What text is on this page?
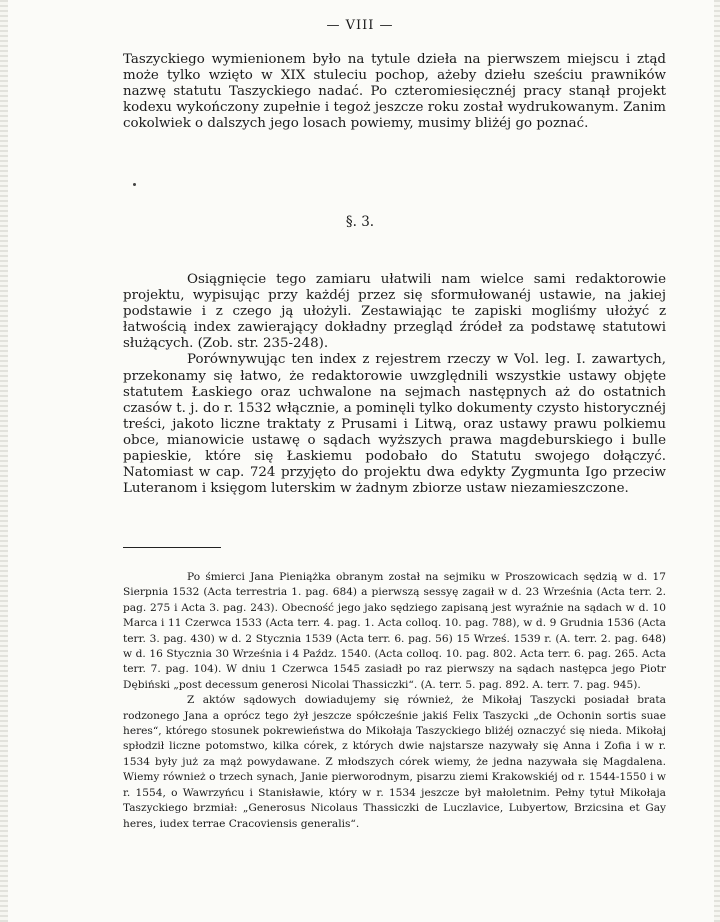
— VIII —

Taszyckiego wymienionem było na tytule dzieła na pierwszem miejscu i ztąd może tylko wzięto w XIX stuleciu pochop, ażeby dziełu sześciu prawników nazwę statutu Taszyckiego nadać. Po czteromiesięcznéj pracy stanął projekt kodexu wykończony zupełnie i tegoż jeszcze roku został wydrukowanym. Zanim cokolwiek o dalszych jego losach powiemy, musimy bliżéj go poznać.

§. 3.

Osiągnięcie tego zamiaru ułatwili nam wielce sami redaktorowie projektu, wypisując przy każdéj przez się sformułowanéj ustawie, na jakiej podstawie i z czego ją ułożyli. Zestawiając te zapiski mogliśmy ułożyć z łatwością index zawierający dokładny przegląd źródeł za podstawę statutowi służących. (Zob. str. 235-248).

Porównywując ten index z rejestrem rzeczy w Vol. leg. I. zawartych, przekonamy się łatwo, że redaktorowie uwzględnili wszystkie ustawy objęte statutem Łaskiego oraz uchwalone na sejmach następnych aż do ostatnich czasów t. j. do r. 1532 włącznie, a pominęli tylko dokumenty czysto historycznéj treści, jakoto liczne traktaty z Prusami i Litwą, oraz ustawy prawu polkiemu obce, mianowicie ustawę o sądach wyższych prawa magdeburskiego i bulle papieskie, które się Łaskiemu podobało do Statutu swojego dołączyć. Natomiast w cap. 724 przyjęto do projektu dwa edykty Zygmunta Igo przeciw Luteranom i księgom luterskim w żadnym zbiorze ustaw niezamieszczone.

Po śmierci Jana Pieniążka obranym został na sejmiku w Proszowicach sędzią w d. 17 Sierpnia 1532 (Acta terrestria 1. pag. 684) a pierwszą sessyę zagaił w d. 23 Września (Acta terr. 2. pag. 275 i Acta 3. pag. 243). Obecność jego jako sędziego zapisaną jest wyraźnie na sądach w d. 10 Marca i 11 Czerwca 1533 (Acta terr. 4. pag. 1. Acta colloq. 10. pag. 788), w d. 9 Grudnia 1536 (Acta terr. 3. pag. 430) w d. 2 Stycznia 1539 (Acta terr. 6. pag. 56) 15 Wrześ. 1539 r. (A. terr. 2. pag. 648) w d. 16 Stycznia 30 Września i 4 Paźdz. 1540. (Acta colloq. 10. pag. 802. Acta terr. 6. pag. 265. Acta terr. 7. pag. 104). W dniu 1 Czerwca 1545 zasiadł po raz pierwszy na sądach następca jego Piotr Dębiński „post decessum generosi Nicolai Thassiczki“. (A. terr. 5. pag. 892. A. terr. 7. pag. 945).

Z aktów sądowych dowiadujemy się również, że Mikołaj Taszycki posiadał brata rodzonego Jana a oprócz tego żył jeszcze spółcześnie jakiś Felix Taszycki „de Ochonin sortis suae heres“, którego stosunek pokrewieństwa do Mikołaja Taszyckiego bliżéj oznaczyć się nieda. Mikołaj spłodził liczne potomstwo, kilka córek, z których dwie najstarsze nazywały się Anna i Zofia i w r. 1534 były już za mąż powydawane. Z młodszych córek wiemy, że jedna nazywała się Magdalena. Wiemy również o trzech synach, Janie pierworodnym, pisarzu ziemi Krakowskiéj od r. 1544-1550 i w r. 1554, o Wawrzyńcu i Stanisławie, który w r. 1534 jeszcze był małoletnim. Pełny tytuł Mikołaja Taszyckiego brzmiał: „Generosus Nicolaus Thassiczki de Luczlavice, Lubyertow, Brzicsina et Gay heres, iudex terrae Cracoviensis generalis“.
